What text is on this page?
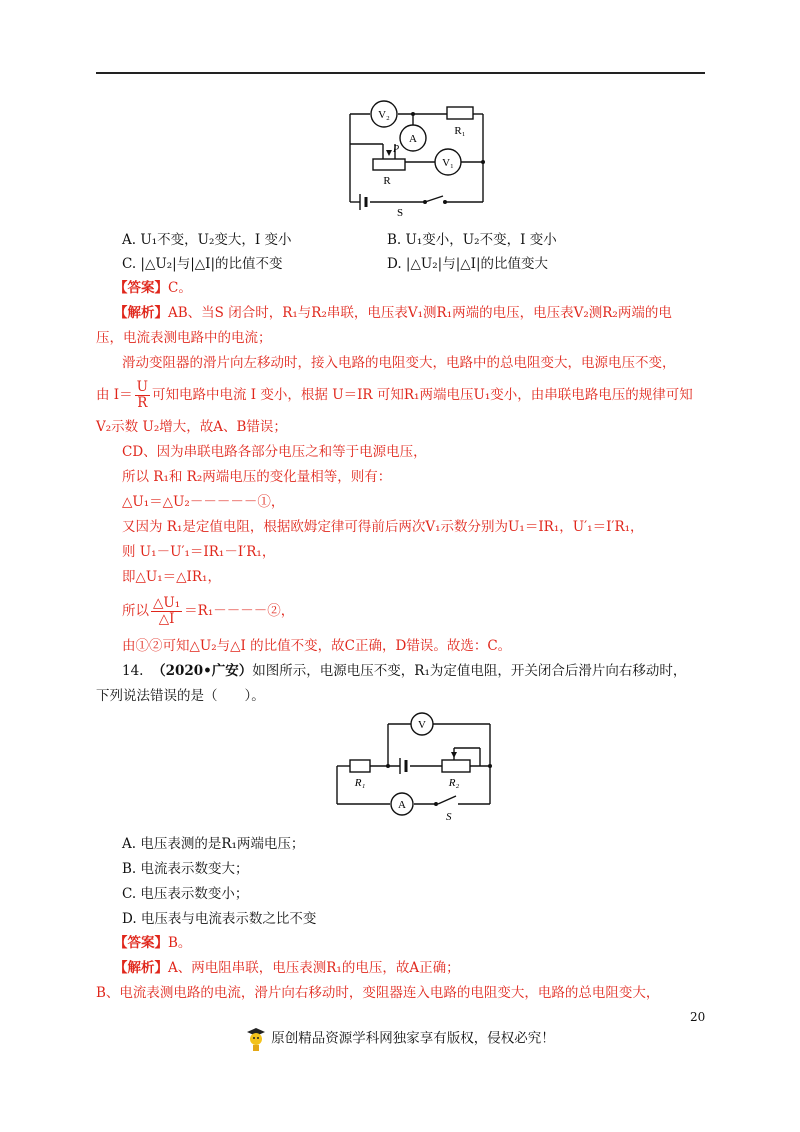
V₂
R₁
A
P
R
V₁
S
A. U₁不变，U₂变大，I 变小	B. U₁变小，U₂不变，I 变小
C. |△U₂|与|△I|的比值不变	D. |△U₂|与|△I|的比值变大
【答案】C。
【解析】AB、当S 闭合时，R₁与R₂串联，电压表V₁测R₁两端的电压，电压表V₂测R₂两端的电
压，电流表测电路中的电流；
滑动变阻器的滑片向左移动时，接入电路的电阻变大，电路中的总电阻变大，电源电压不变，
由 $I= \frac{U}{R}$ 可知电路中电流 I 变小，根据 U＝IR 可知R₁两端电压U₁变小，由串联电路电压的规律可知
V₂示数 U₂增大，故A、B错误；
CD、因为串联电路各部分电压之和等于电源电压，
所以 R₁和 R₂两端电压的变化量相等，则有：
△U₁＝△U₂－－－－－①，
又因为 R₁是定值电阻，根据欧姆定律可得前后两次V₁示数分别为U₁＝IR₁，U′₁＝I′R₁，
则 U₁－U′₁＝IR₁－I′R₁，
即△U₁＝△IR₁，
所以 $\frac{\text{△U₁}}{\triangle I}$ ＝R₁－－－－②，
由①②可知△U₂与△I 的比值不变，故C正确，D错误。故选：C。
14. （2020•广安）如图所示，电源电压不变，R₁为定值电阻，开关闭合后滑片向右移动时，
下列说法错误的是（　　）。
R₁	R₂
V
A
S
A. 电压表测的是R₁两端电压；
B. 电流表示数变大；
C. 电压表示数变小；
D. 电压表与电流表示数之比不变
【答案】B。
【解析】A、两电阻串联，电压表测R₁的电压，故A正确；
B、电流表测电路的电流，滑片向右移动时，变阻器连入电路的电阻变大，电路的总电阻变大，
20
原创精品资源学科网独家享有版权，侵权必究！
